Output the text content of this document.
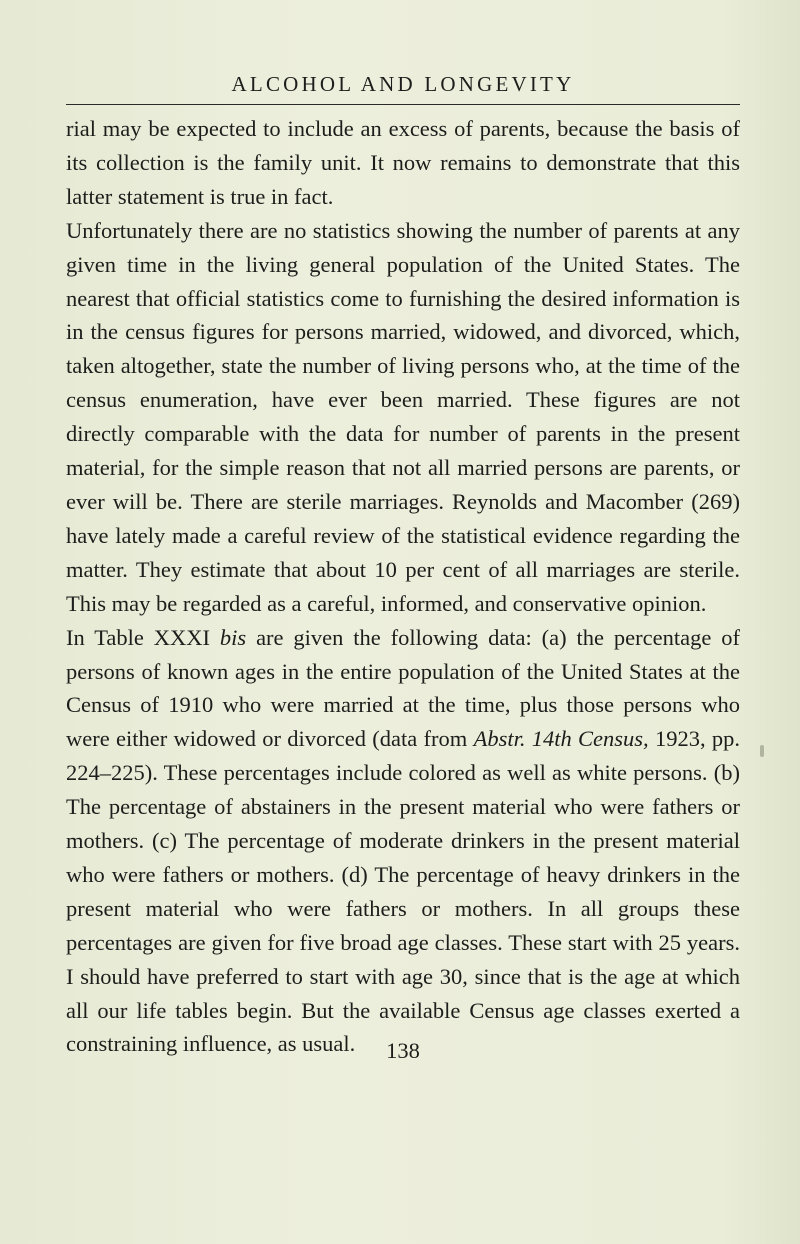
ALCOHOL AND LONGEVITY

rial may be expected to include an excess of parents, because the basis of its collection is the family unit. It now remains to demonstrate that this latter statement is true in fact.

Unfortunately there are no statistics showing the number of parents at any given time in the living general population of the United States. The nearest that official statistics come to furnishing the desired information is in the census figures for persons married, widowed, and divorced, which, taken altogether, state the number of living persons who, at the time of the census enumeration, have ever been married. These figures are not directly comparable with the data for number of parents in the present material, for the simple reason that not all married persons are parents, or ever will be. There are sterile marriages. Reynolds and Macomber (269) have lately made a careful review of the statistical evidence regarding the matter. They estimate that about 10 per cent of all marriages are sterile. This may be regarded as a careful, informed, and conservative opinion.

In Table XXXI bis are given the following data: (a) the percentage of persons of known ages in the entire population of the United States at the Census of 1910 who were married at the time, plus those persons who were either widowed or divorced (data from Abstr. 14th Census, 1923, pp. 224–225). These percentages include colored as well as white persons. (b) The percentage of abstainers in the present material who were fathers or mothers. (c) The percentage of moderate drinkers in the present material who were fathers or mothers. (d) The percentage of heavy drinkers in the present material who were fathers or mothers. In all groups these percentages are given for five broad age classes. These start with 25 years. I should have preferred to start with age 30, since that is the age at which all our life tables begin. But the available Census age classes exerted a constraining influence, as usual.	138
